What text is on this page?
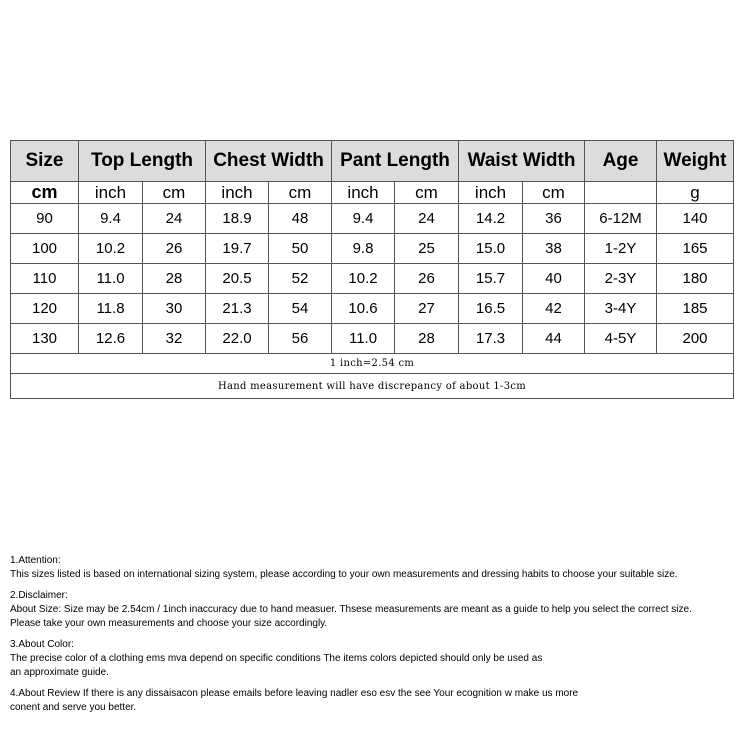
Size	Top Length		Chest Width		Pant Length		Waist Width		Age	Weight
cm	inch	cm	inch	cm	inch	cm	inch	cm		g
90	9.4	24	18.9	48	9.4	24	14.2	36	6-12M	140
100	10.2	26	19.7	50	9.8	25	15.0	38	1-2Y	165
110	11.0	28	20.5	52	10.2	26	15.7	40	2-3Y	180
120	11.8	30	21.3	54	10.6	27	16.5	42	3-4Y	185
130	12.6	32	22.0	56	11.0	28	17.3	44	4-5Y	200
1 inch=2.54 cm										
Hand measurement will have discrepancy of about 1-3cm										

1.Attention:
This sizes listed is based on international sizing system, please according to your own measurements and dressing habits to choose your suitable size.

2.Disclaimer:
About Size: Size may be 2.54cm / 1inch inaccuracy due to hand measuer. Thsese measurements are meant as a guide to help you select the correct size.
Please take your own measurements and choose your size accordingly.

3.About Color:
The precise color of a clothing ems mva depend on specific conditions The items colors depicted should only be used as
an approximate guide.

4.About Review If there is any dissaisacon please emails before leaving nadler eso esv the see Your ecognition w make us more
conent and serve you better.
